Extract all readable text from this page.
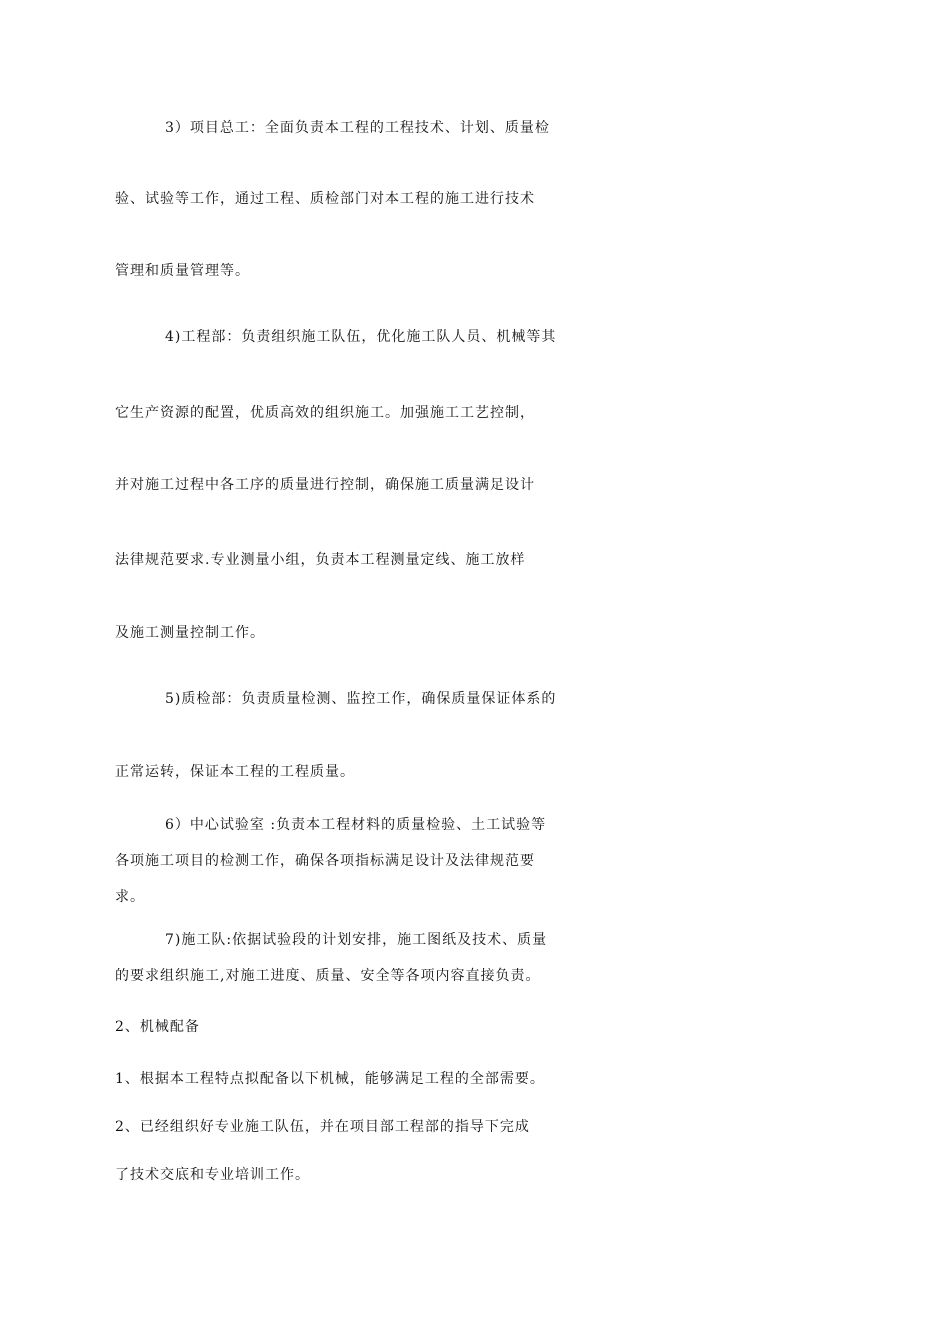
3）项目总工：全面负责本工程的工程技术、计划、质量检
验、试验等工作，通过工程、质检部门对本工程的施工进行技术
管理和质量管理等。
4)工程部：负责组织施工队伍，优化施工队人员、机械等其
它生产资源的配置，优质高效的组织施工。加强施工工艺控制，
并对施工过程中各工序的质量进行控制，确保施工质量满足设计
法律规范要求.专业测量小组，负责本工程测量定线、施工放样
及施工测量控制工作。
5)质检部：负责质量检测、监控工作，确保质量保证体系的
正常运转，保证本工程的工程质量。
6）中心试验室 :负责本工程材料的质量检验、土工试验等
各项施工项目的检测工作，确保各项指标满足设计及法律规范要
求。
7)施工队:依据试验段的计划安排，施工图纸及技术、质量
的要求组织施工,对施工进度、质量、安全等各项内容直接负责。
2、机械配备
1、根据本工程特点拟配备以下机械，能够满足工程的全部需要。
2、已经组织好专业施工队伍，并在项目部工程部的指导下完成
了技术交底和专业培训工作。
